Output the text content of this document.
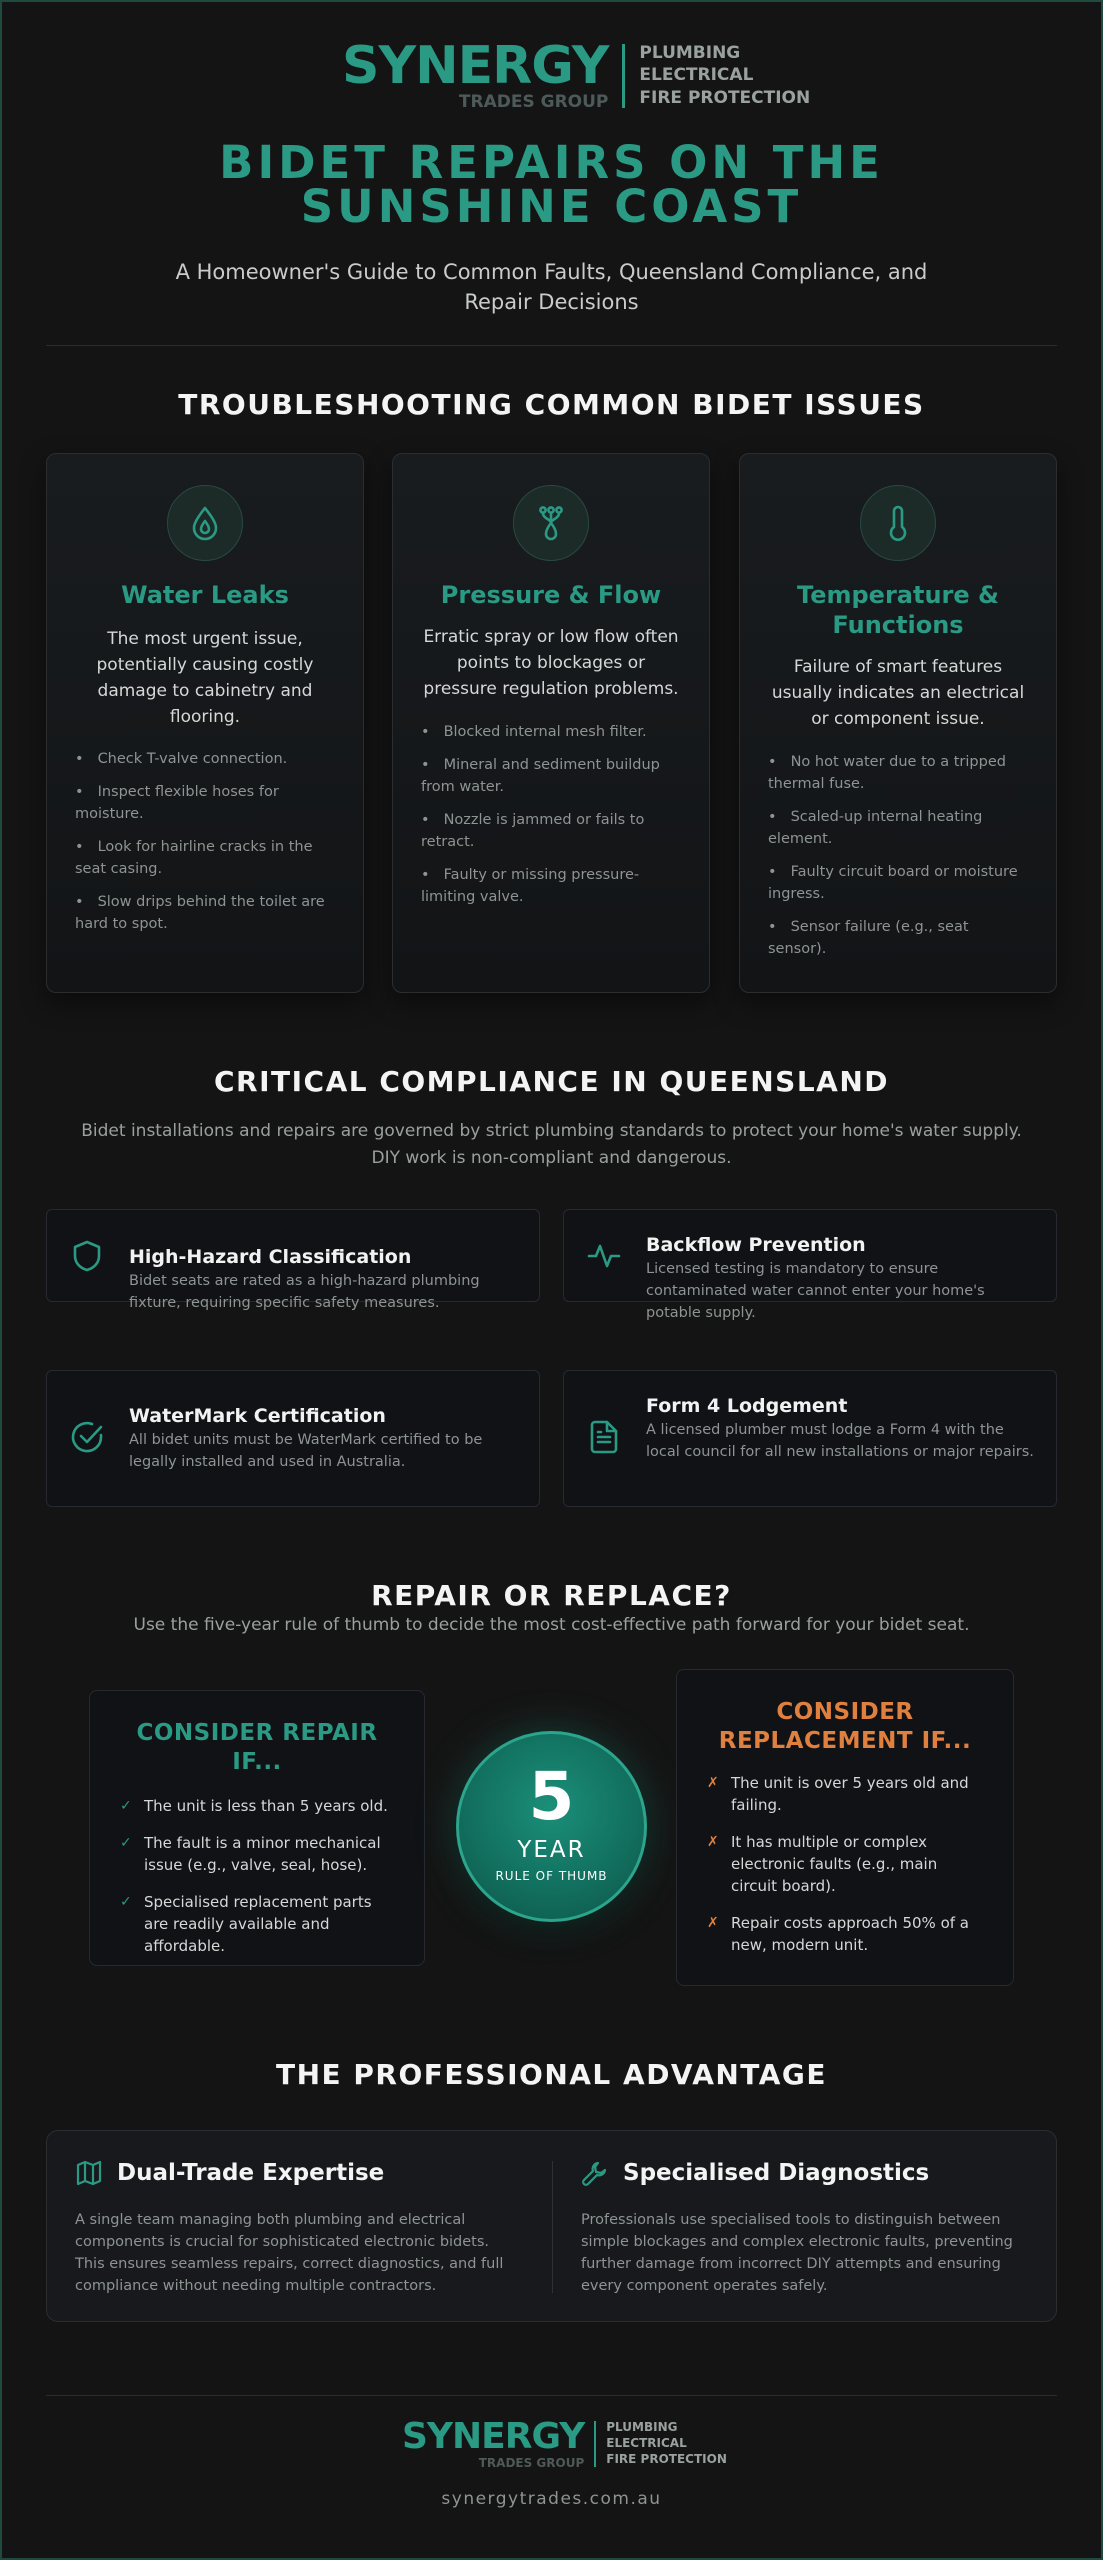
SYNERGY
TRADES GROUP
PLUMBING
ELECTRICAL
FIRE PROTECTION
BIDET REPAIRS ON THE SUNSHINE COAST
A Homeowner's Guide to Common Faults, Queensland Compliance, and Repair Decisions
TROUBLESHOOTING COMMON BIDET ISSUES
Water Leaks
The most urgent issue, potentially causing costly damage to cabinetry and flooring.
• Check T-valve connection.
• Inspect flexible hoses for moisture.
• Look for hairline cracks in the seat casing.
• Slow drips behind the toilet are hard to spot.
Pressure & Flow
Erratic spray or low flow often points to blockages or pressure regulation problems.
• Blocked internal mesh filter.
• Mineral and sediment buildup from water.
• Nozzle is jammed or fails to retract.
• Faulty or missing pressure-limiting valve.
Temperature & Functions
Failure of smart features usually indicates an electrical or component issue.
• No hot water due to a tripped thermal fuse.
• Scaled-up internal heating element.
• Faulty circuit board or moisture ingress.
• Sensor failure (e.g., seat sensor).
CRITICAL COMPLIANCE IN QUEENSLAND
Bidet installations and repairs are governed by strict plumbing standards to protect your home's water supply. DIY work is non-compliant and dangerous.
High-Hazard Classification
Bidet seats are rated as a high-hazard plumbing fixture, requiring specific safety measures.
Backflow Prevention
Licensed testing is mandatory to ensure contaminated water cannot enter your home's potable supply.
WaterMark Certification
All bidet units must be WaterMark certified to be legally installed and used in Australia.
Form 4 Lodgement
A licensed plumber must lodge a Form 4 with the local council for all new installations or major repairs.
REPAIR OR REPLACE?
Use the five-year rule of thumb to decide the most cost-effective path forward for your bidet seat.
CONSIDER REPAIR IF...
✓ The unit is less than 5 years old.
✓ The fault is a minor mechanical issue (e.g., valve, seal, hose).
✓ Specialised replacement parts are readily available and affordable.
5
YEAR
RULE OF THUMB
CONSIDER REPLACEMENT IF...
✗ The unit is over 5 years old and failing.
✗ It has multiple or complex electronic faults (e.g., main circuit board).
✗ Repair costs approach 50% of a new, modern unit.
THE PROFESSIONAL ADVANTAGE
Dual-Trade Expertise
A single team managing both plumbing and electrical components is crucial for sophisticated electronic bidets. This ensures seamless repairs, correct diagnostics, and full compliance without needing multiple contractors.
Specialised Diagnostics
Professionals use specialised tools to distinguish between simple blockages and complex electronic faults, preventing further damage from incorrect DIY attempts and ensuring every component operates safely.
SYNERGY
TRADES GROUP
PLUMBING
ELECTRICAL
FIRE PROTECTION
synergytrades.com.au
